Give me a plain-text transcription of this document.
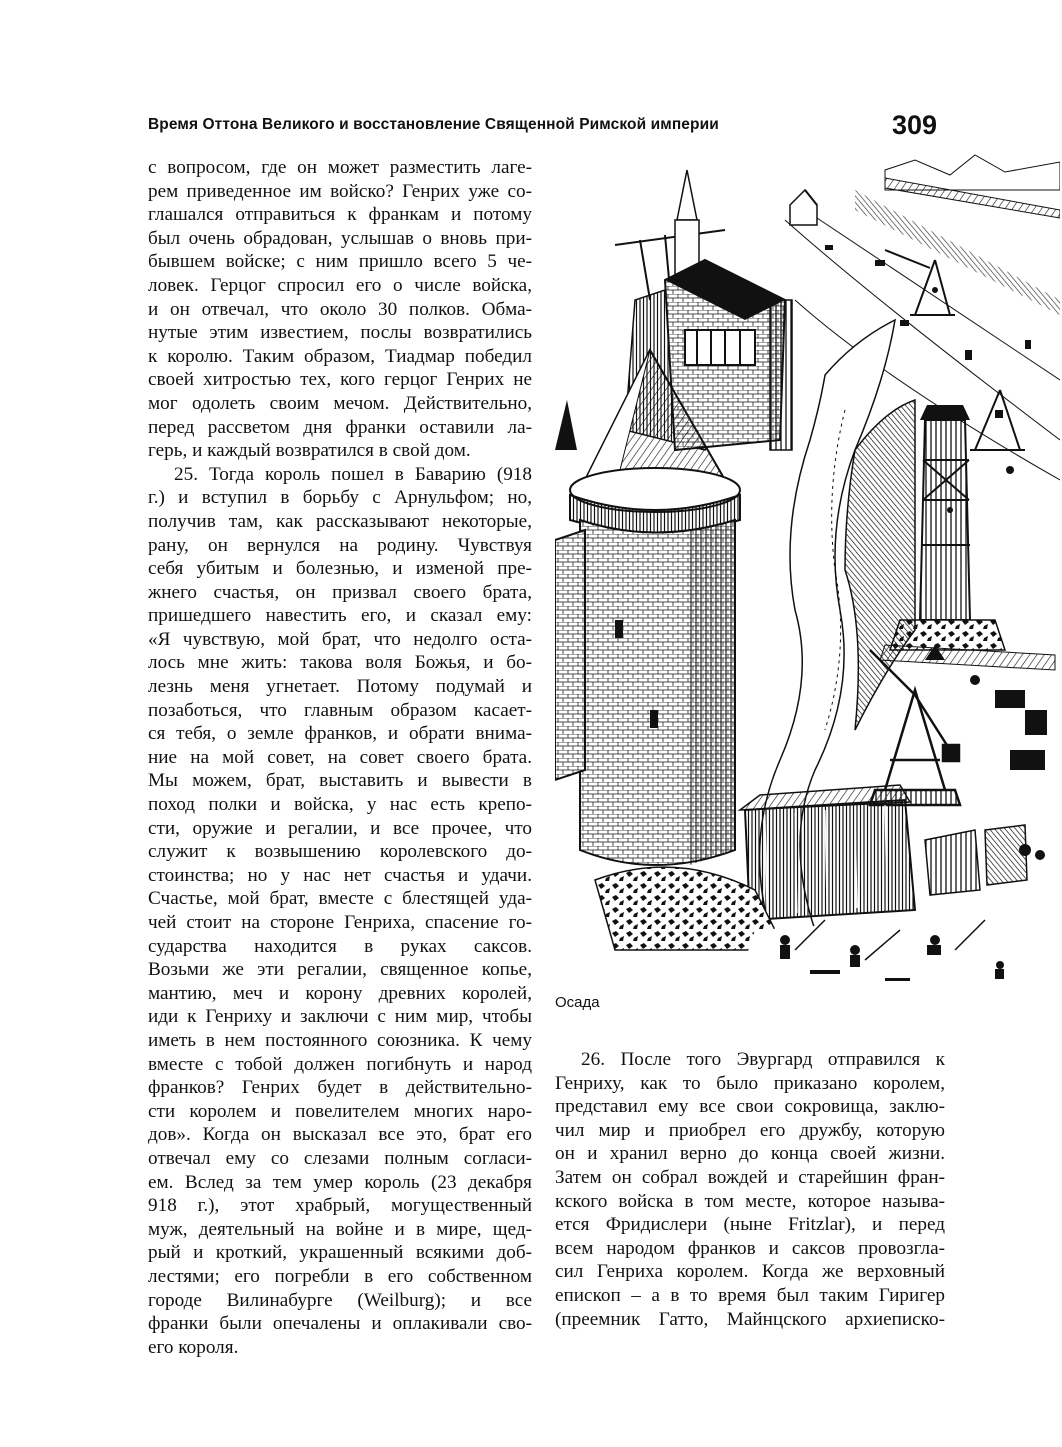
Время Оттона Великого и восстановление Священной Римской империи	309
с вопросом, где он может разместить лаге-
рем приведенное им войско? Генрих уже со-
глашался отправиться к франкам и потому
был очень обрадован, услышав о вновь при-
бывшем войске; с ним пришло всего 5 че-
ловек. Герцог спросил его о числе войска,
и он отвечал, что около 30 полков. Обма-
нутые этим известием, послы возвратились
к королю. Таким образом, Тиадмар победил
своей хитростью тех, кого герцог Генрих не
мог одолеть своим мечом. Действительно,
перед рассветом дня франки оставили ла-
герь, и каждый возвратился в свой дом.
25. Тогда король пошел в Баварию (918
г.) и вступил в борьбу с Арнульфом; но,
получив там, как рассказывают некоторые,
рану, он вернулся на родину. Чувствуя
себя убитым и болезнью, и изменой пре-
жнего счастья, он призвал своего брата,
пришедшего навестить его, и сказал ему:
«Я чувствую, мой брат, что недолго оста-
лось мне жить: такова воля Божья, и бо-
лезнь меня угнетает. Потому подумай и
позаботься, что главным образом касает-
ся тебя, о земле франков, и обрати внима-
ние на мой совет, на совет своего брата.
Мы можем, брат, выставить и вывести в
поход полки и войска, у нас есть крепо-
сти, оружие и регалии, и все прочее, что
служит к возвышению королевского до-
стоинства; но у нас нет счастья и удачи.
Счастье, мой брат, вместе с блестящей уда-
чей стоит на стороне Генриха, спасение го-
сударства находится в руках саксов.
Возьми же эти регалии, священное копье,
мантию, меч и корону древних королей,
иди к Генриху и заключи с ним мир, чтобы
иметь в нем постоянного союзника. К чему
вместе с тобой должен погибнуть и народ
франков? Генрих будет в действительно-
сти королем и повелителем многих наро-
дов». Когда он высказал все это, брат его
отвечал ему со слезами полным согласи-
ем. Вслед за тем умер король (23 декабря
918 г.), этот храбрый, могущественный
муж, деятельный на войне и в мире, щед-
рый и кроткий, украшенный всякими доб-
лестями; его погребли в его собственном
городе Вилинабурге (Weilburg); и все
франки были опечалены и оплакивали сво-
его короля.
Осада
26. После того Эвургард отправился к
Генриху, как то было приказано королем,
представил ему все свои сокровища, заклю-
чил мир и приобрел его дружбу, которую
он и хранил верно до конца своей жизни.
Затем он собрал вождей и старейшин фран-
кского войска в том месте, которое называ-
ется Фридислери (ныне Fritzlar), и перед
всем народом франков и саксов провозгла-
сил Генриха королем. Когда же верховный
епископ – а в то время был таким Гиригер
(преемник Гатто, Майнцского архиеписко-
